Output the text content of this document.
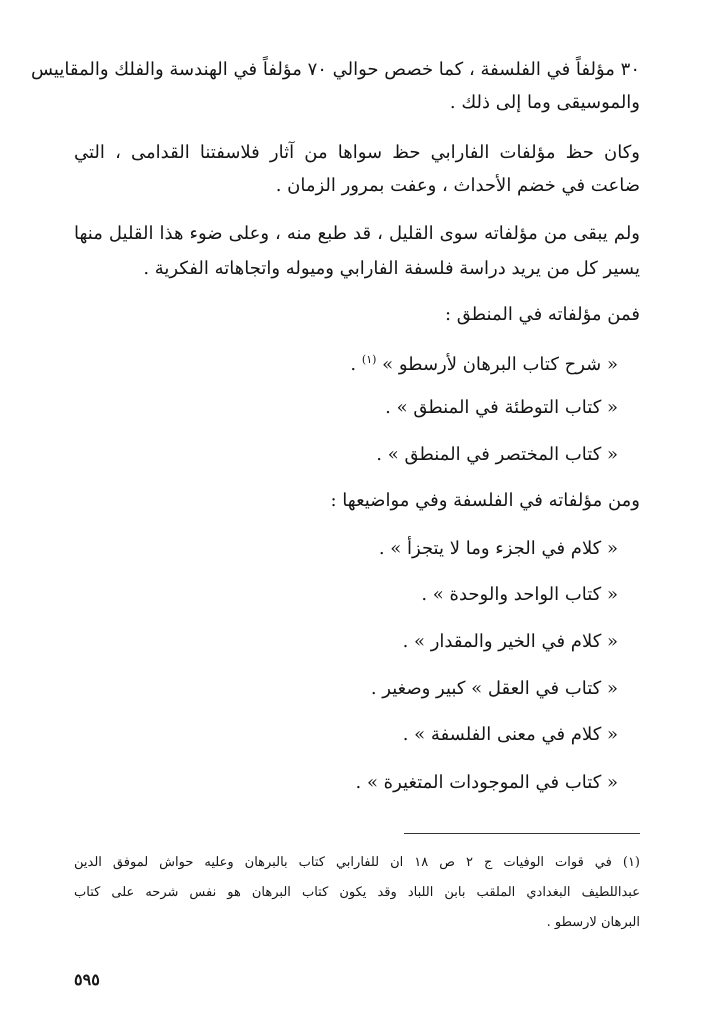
٣٠ مؤلفاً في الفلسفة ، كما خصص حوالي ٧٠ مؤلفاً في الهندسة والفلك والمقاييس
والموسيقى وما إلى ذلك .
وكان حظ مؤلفات الفارابي حظ سواها من آثار فلاسفتنا القدامى ، التي
ضاعت في خضم الأحداث ، وعفت بمرور الزمان .
ولم يبقى من مؤلفاته سوى القليل ، قد طبع منه ، وعلى ضوء هذا القليل منها
يسير كل من يريد دراسة فلسفة الفارابي وميوله واتجاهاته الفكرية .
فمن مؤلفاته في المنطق :
« شرح كتاب البرهان لأرسطو » $^{(١)}$ .
« كتاب التوطئة في المنطق » .
« كتاب المختصر في المنطق » .
ومن مؤلفاته في الفلسفة وفي مواضيعها :
« كلام في الجزء وما لا يتجزأ » .
« كتاب الواحد والوحدة » .
« كلام في الخير والمقدار » .
« كتاب في العقل » كبير وصغير .
« كلام في معنى الفلسفة » .
« كتاب في الموجودات المتغيرة » .
(١) في قوات الوفيات ج ٢ ص ١٨ ان للفارابي كتاب بالبرهان وعليه حواش لموفق الدين
عبداللطيف البغدادي الملقب بابن اللباد وقد يكون كتاب البرهان هو نفس شرحه على كتاب
البرهان لارسطو .
٥٩٥
